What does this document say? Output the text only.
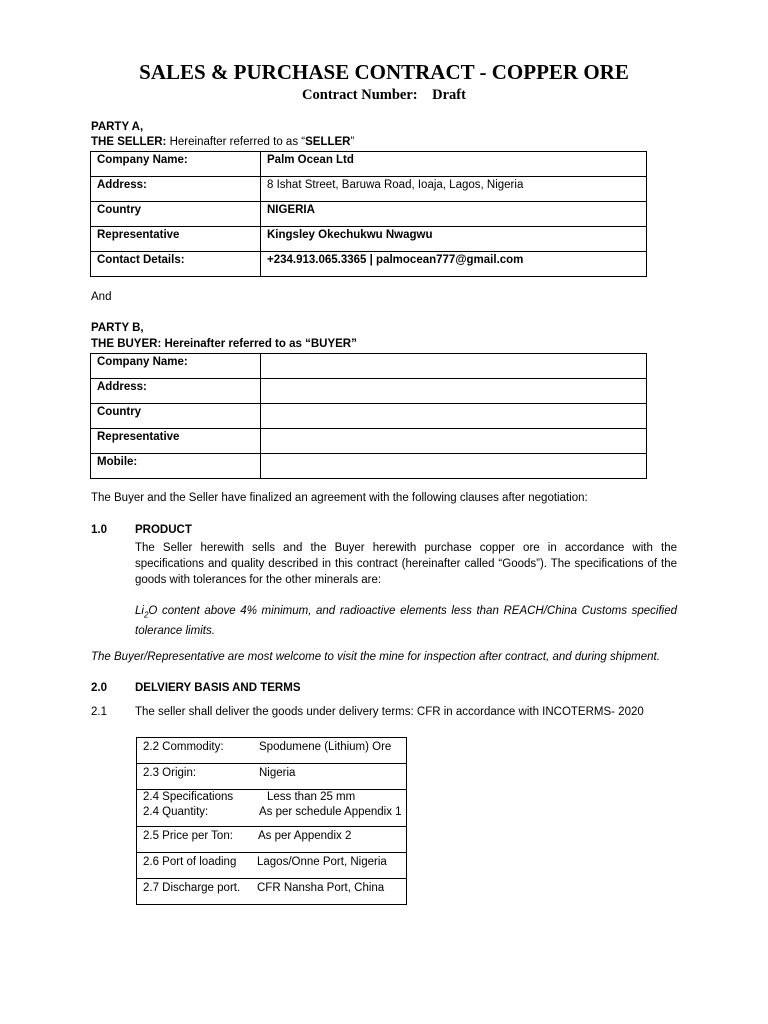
SALES & PURCHASE CONTRACT - COPPER ORE
Contract Number: Draft
PARTY A,
THE SELLER: Hereinafter referred to as “SELLER”
Company Name:	Palm Ocean Ltd
Address:	8 Ishat Street, Baruwa Road, Ioaja, Lagos, Nigeria
Country	NIGERIA
Representative	Kingsley Okechukwu Nwagwu
Contact Details:	+234.913.065.3365 | palmocean777@gmail.com
And
PARTY B,
THE BUYER: Hereinafter referred to as “BUYER”
Company Name:	
Address:	
Country	
Representative	
Mobile:	
The Buyer and the Seller have finalized an agreement with the following clauses after negotiation:
1.0 PRODUCT
The Seller herewith sells and the Buyer herewith purchase copper ore in accordance with the specifications and quality described in this contract (hereinafter called “Goods”). The specifications of the goods with tolerances for the other minerals are:
$Li_2O$ content above 4% minimum, and radioactive elements less than REACH/China Customs specified tolerance limits.
The Buyer/Representative are most welcome to visit the mine for inspection after contract, and during shipment.
2.0 DELVIERY BASIS AND TERMS
2.1 The seller shall deliver the goods under delivery terms: CFR in accordance with INCOTERMS- 2020
2.2 Commodity:	Spodumene (Lithium) Ore

2.3 Origin:	Nigeria

2.4 Specifications	Less than 25 mm
2.4 Quantity:	As per schedule Appendix 1

2.5 Price per Ton: As per Appendix 2

2.6 Port of loading Lagos/Onne Port, Nigeria

2.7 Discharge port. CFR Nansha Port, China
